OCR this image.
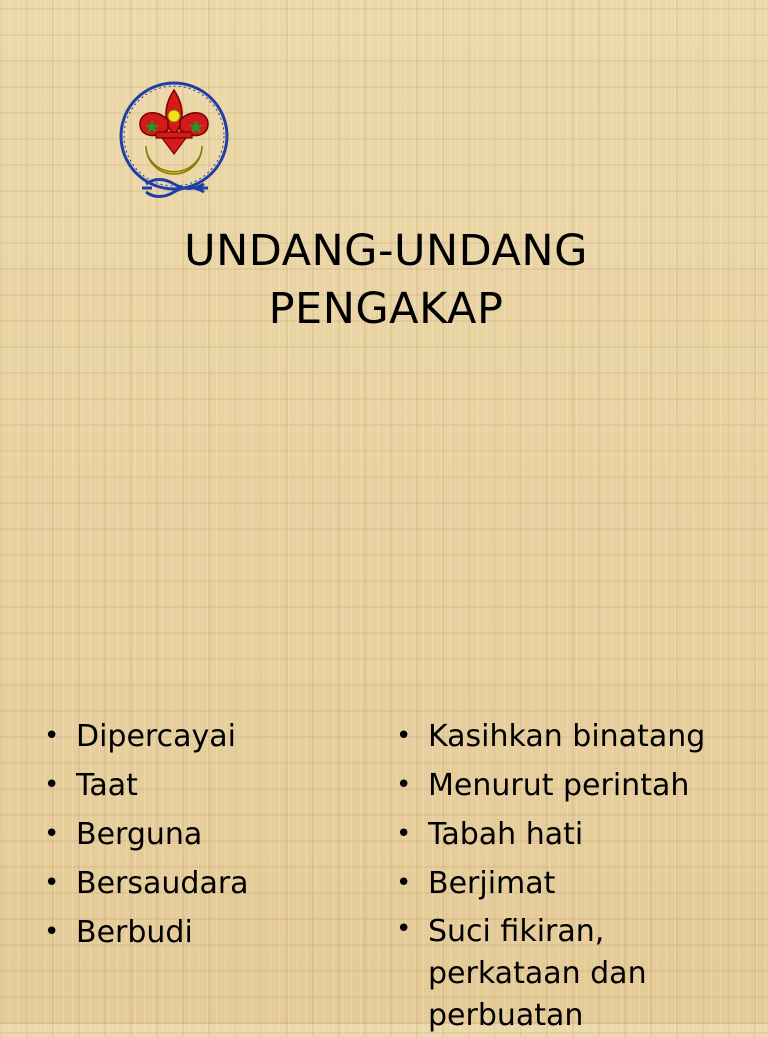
UNDANG-UNDANG
PENGAKAP
• Dipercayai
• Taat
• Berguna
• Bersaudara
• Berbudi
• Kasihkan binatang
• Menurut perintah
• Tabah hati
• Berjimat
• Suci fikiran, perkataan dan perbuatan
